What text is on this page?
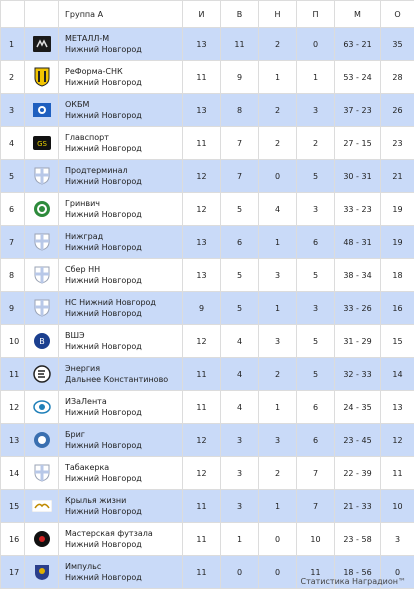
		Группа А	И	В	Н	П	М	О
1		МЕТАЛЛ-М
Нижний Новгород	13	11	2	0	63 - 21	35
2		РеФорма-СНК
Нижний Новгород	11	9	1	1	53 - 24	28
3		ОКБМ
Нижний Новгород	13	8	2	3	37 - 23	26
4	GS	Главспорт
Нижний Новгород	11	7	2	2	27 - 15	23
5		Продтерминал
Нижний Новгород	12	7	0	5	30 - 31	21
6		Гринвич
Нижний Новгород	12	5	4	3	33 - 23	19
7		Нижград
Нижний Новгород	13	6	1	6	48 - 31	19
8		Сбер НН
Нижний Новгород	13	5	3	5	38 - 34	18
9		НС Нижний Новгород
Нижний Новгород	9	5	1	3	33 - 26	16
10	В	ВШЭ
Нижний Новгород	12	4	3	5	31 - 29	15
11		Энергия
Дальнее Константиново	11	4	2	5	32 - 33	14
12		ИЗаЛента
Нижний Новгород	11	4	1	6	24 - 35	13
13		Бриг
Нижний Новгород	12	3	3	6	23 - 45	12
14		Табакерка
Нижний Новгород	12	3	2	7	22 - 39	11
15		Крылья жизни
Нижний Новгород	11	3	1	7	21 - 33	10
16		Мастерская футзала
Нижний Новгород	11	1	0	10	23 - 58	3
17		Импульс
Нижний Новгород	11	0	0	11	18 - 56	0
Статистика Наградион™
